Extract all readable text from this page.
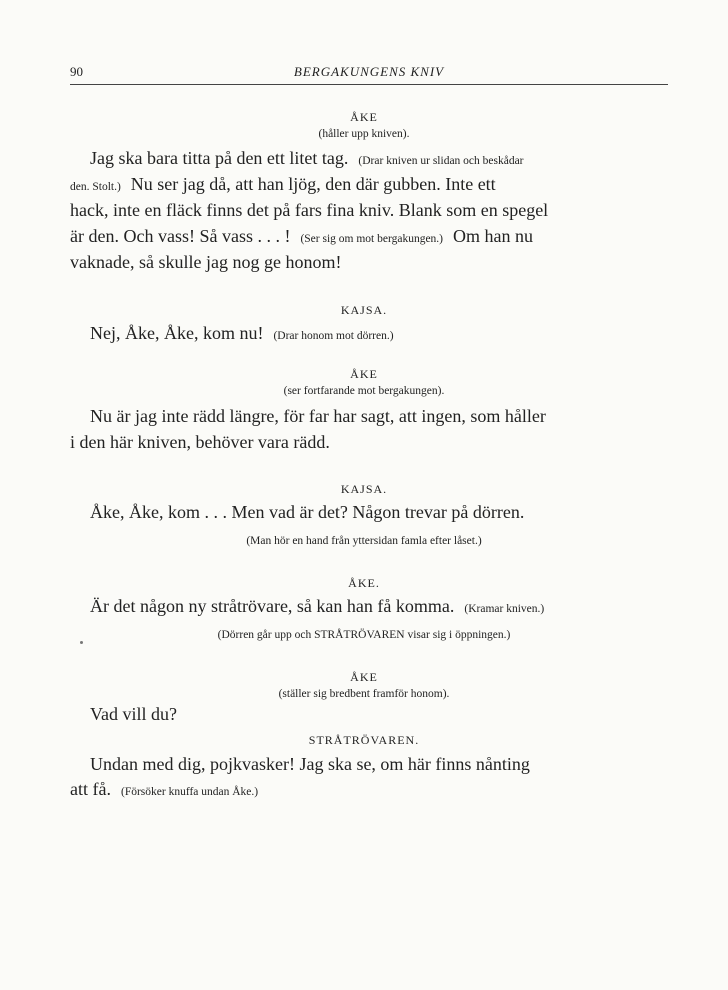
90	BERGAKUNGENS KNIV
ÅKE
(håller upp kniven).
Jag ska bara titta på den ett litet tag. (Drar kniven ur slidan och beskådar
den. Stolt.) Nu ser jag då, att han ljög, den där gubben. Inte ett
hack, inte en fläck finns det på fars fina kniv. Blank som en spegel
är den. Och vass! Så vass . . . ! (Ser sig om mot bergakungen.) Om han nu
vaknade, så skulle jag nog ge honom!
KAJSA.
Nej, Åke, Åke, kom nu! (Drar honom mot dörren.)
ÅKE
(ser fortfarande mot bergakungen).
Nu är jag inte rädd längre, för far har sagt, att ingen, som håller
i den här kniven, behöver vara rädd.
KAJSA.
Åke, Åke, kom . . . Men vad är det? Någon trevar på dörren.
(Man hör en hand från yttersidan famla efter låset.)
ÅKE.
Är det någon ny stråtrövare, så kan han få komma. (Kramar kniven.)
(Dörren går upp och STRÅTRÖVAREN visar sig i öppningen.)
ÅKE
(ställer sig bredbent framför honom).
Vad vill du?
STRÅTRÖVAREN.
Undan med dig, pojkvasker! Jag ska se, om här finns nånting
att få. (Försöker knuffa undan Åke.)
